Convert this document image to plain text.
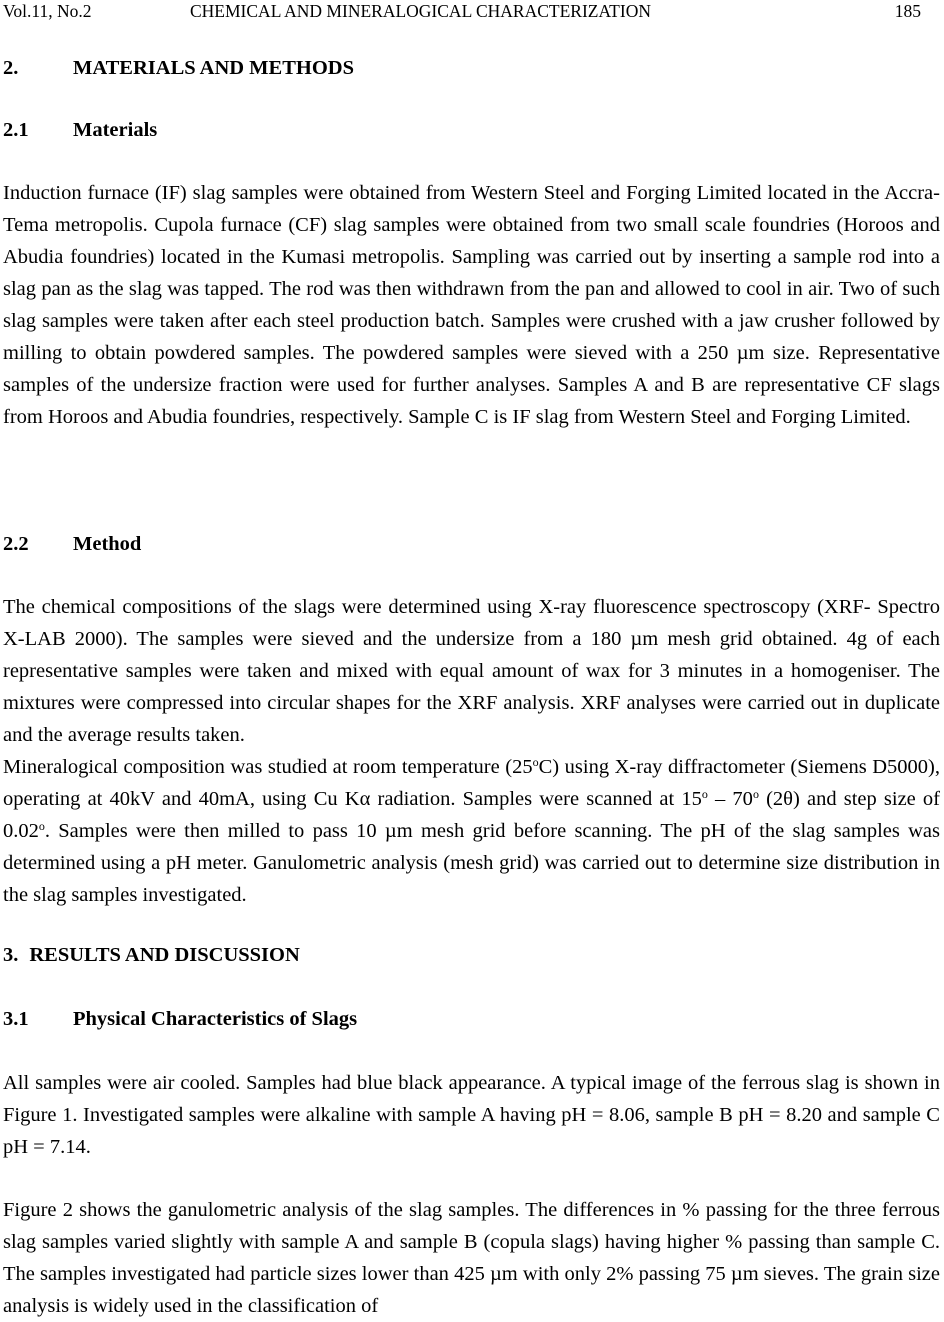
Vol.11, No.2	CHEMICAL AND MINERALOGICAL CHARACTERIZATION	185
2.	MATERIALS AND METHODS
2.1 Materials

Induction furnace (IF) slag samples were obtained from Western Steel and Forging Limited located in the Accra-Tema metropolis. Cupola furnace (CF) slag samples were obtained from two small scale foundries (Horoos and Abudia foundries) located in the Kumasi metropolis. Sampling was carried out by inserting a sample rod into a slag pan as the slag was tapped. The rod was then withdrawn from the pan and allowed to cool in air. Two of such slag samples were taken after each steel production batch. Samples were crushed with a jaw crusher followed by milling to obtain powdered samples. The powdered samples were sieved with a 250 µm size. Representative samples of the undersize fraction were used for further analyses. Samples A and B are representative CF slags from Horoos and Abudia foundries, respectively. Sample C is IF slag from Western Steel and Forging Limited.

2.2 Method

The chemical compositions of the slags were determined using X-ray fluorescence spectroscopy (XRF- Spectro X-LAB 2000). The samples were sieved and the undersize from a 180 µm mesh grid obtained. 4g of each representative samples were taken and mixed with equal amount of wax for 3 minutes in a homogeniser. The mixtures were compressed into circular shapes for the XRF analysis. XRF analyses were carried out in duplicate and the average results taken.

Mineralogical composition was studied at room temperature (25$^o$C) using X-ray diffractometer (Siemens D5000), operating at 40kV and 40mA, using Cu Kα radiation. Samples were scanned at 15$^o$ – 70$^o$ (2θ) and step size of 0.02$^o$. Samples were then milled to pass 10 µm mesh grid before scanning. The pH of the slag samples was determined using a pH meter. Ganulometric analysis (mesh grid) was carried out to determine size distribution in the slag samples investigated.

3. RESULTS AND DISCUSSION
3.1 Physical Characteristics of Slags

All samples were air cooled. Samples had blue black appearance. A typical image of the ferrous slag is shown in Figure 1. Investigated samples were alkaline with sample A having pH = 8.06, sample B pH = 8.20 and sample C pH = 7.14.

Figure 2 shows the ganulometric analysis of the slag samples. The differences in % passing for the three ferrous slag samples varied slightly with sample A and sample B (copula slags) having higher % passing than sample C. The samples investigated had particle sizes lower than 425 µm with only 2% passing 75 µm sieves. The grain size analysis is widely used in the classification of
